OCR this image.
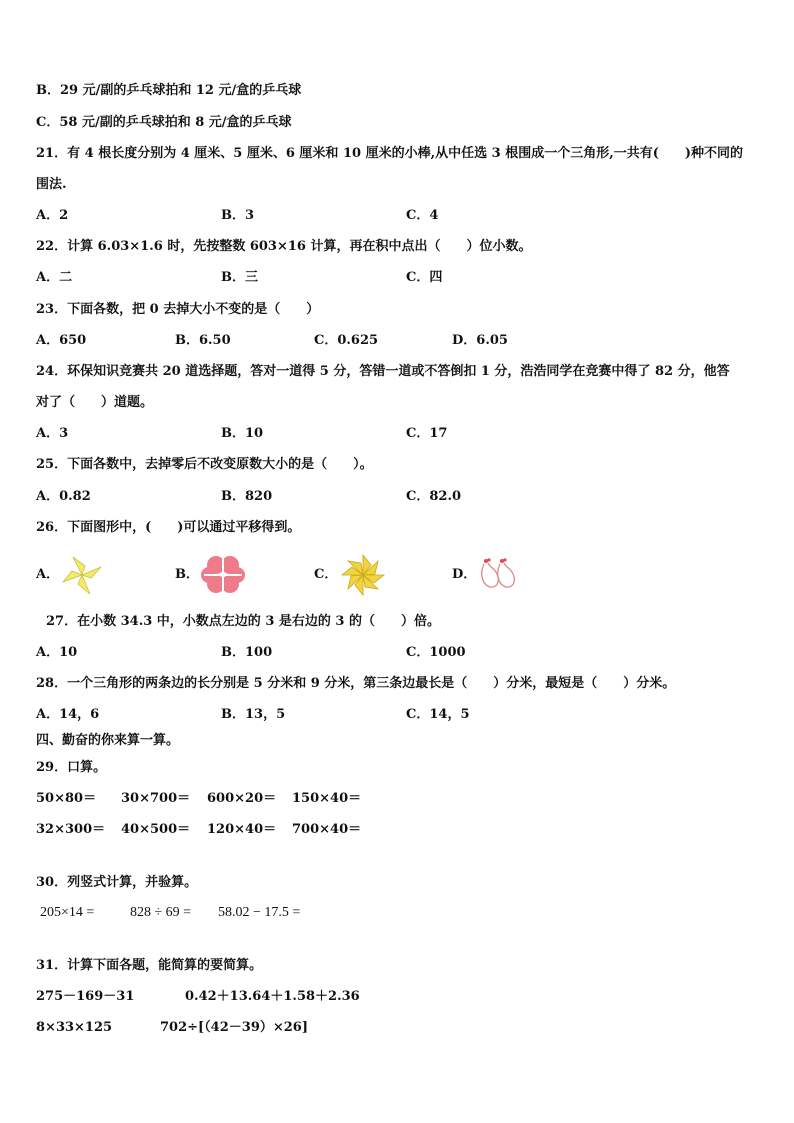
B．29 元/副的乒乓球拍和 12 元/盒的乒乓球
C．58 元/副的乒乓球拍和 8 元/盒的乒乓球
21．有 4 根长度分别为 4 厘米、5 厘米、6 厘米和 10 厘米的小棒,从中任选 3 根围成一个三角形,一共有(　　)种不同的
围法.
A．2	B．3	C．4
22．计算 6.03×1.6 时，先按整数 603×16 计算，再在积中点出（　　）位小数。
A．二	B．三	C．四
23．下面各数，把 0 去掉大小不变的是（　　）
A．650	B．6.50	C．0.625	D．6.05
24．环保知识竞赛共 20 道选择题，答对一道得 5 分，答错一道或不答倒扣 1 分，浩浩同学在竞赛中得了 82 分，他答
对了（　　）道题。
A．3	B．10	C．17
25．下面各数中，去掉零后不改变原数大小的是（　　）。
A．0.82	B．820	C．82.0
26．下面图形中，(　　)可以通过平移得到。
A．	B．	C．	D．
27．在小数 34.3 中，小数点左边的 3 是右边的 3 的（　　）倍。
A．10	B．100	C．1000
28．一个三角形的两条边的长分别是 5 分米和 9 分米，第三条边最长是（　　）分米，最短是（　　）分米。
A．14，6	B．13，5	C．14，5
四、勤奋的你来算一算。
29．口算。
50×80＝ 30×700＝ 600×20＝ 150×40＝
32×300＝ 40×500＝ 120×40＝ 700×40＝
30．列竖式计算，并验算。
205×14 =	828 ÷ 69 = 58.02 − 17.5 =
31．计算下面各题，能简算的要简算。
275－169－31	0.42＋13.64＋1.58＋2.36
8×33×125	702÷[（42－39）×26]
